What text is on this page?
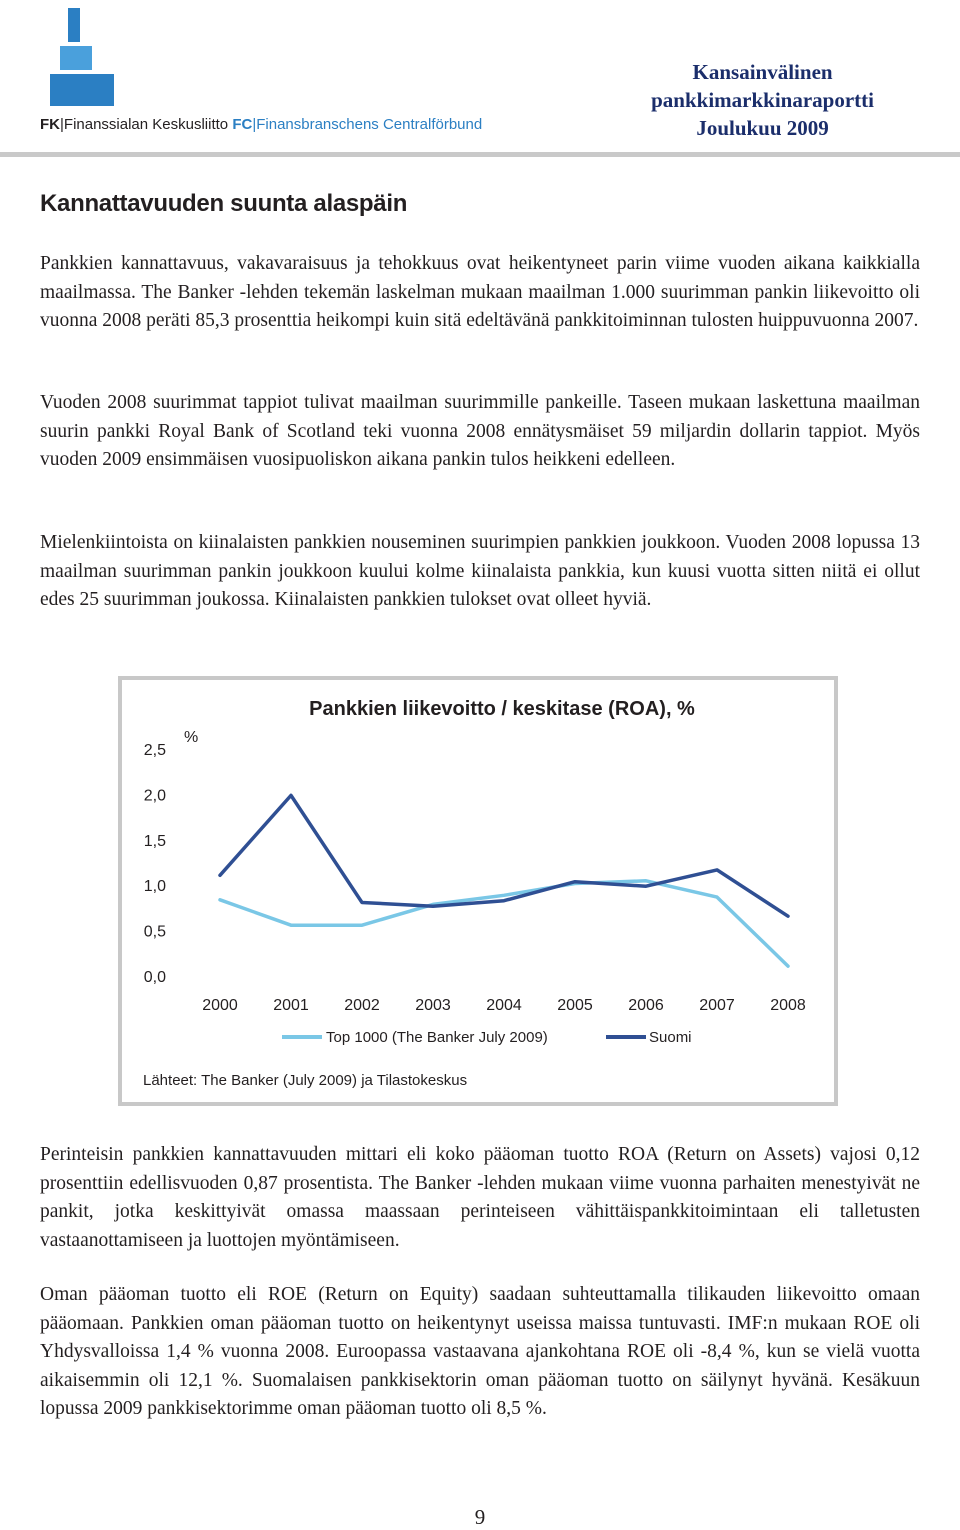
FK|Finanssialan Keskusliitto FC|Finansbranschens Centralförbund
Kansainvälinen
pankkimarkkinaraportti
Joulukuu 2009
Kannattavuuden suunta alaspäin

Pankkien kannattavuus, vakavaraisuus ja tehokkuus ovat heikentyneet parin viime vuoden aikana kaikkialla maailmassa. The Banker -lehden tekemän laskelman mukaan maailman 1.000 suurimman pankin liikevoitto oli vuonna 2008 peräti 85,3 prosenttia heikompi kuin sitä edeltävänä pankkitoiminnan tulosten huippuvuonna 2007.

Vuoden 2008 suurimmat tappiot tulivat maailman suurimmille pankeille. Taseen mukaan laskettuna maailman suurin pankki Royal Bank of Scotland teki vuonna 2008 ennätysmäiset 59 miljardin dollarin tappiot. Myös vuoden 2009 ensimmäisen vuosipuoliskon aikana pankin tulos heikkeni edelleen.

Mielenkiintoista on kiinalaisten pankkien nouseminen suurimpien pankkien joukkoon. Vuoden 2008 lopussa 13 maailman suurimman pankin joukkoon kuului kolme kiinalaista pankkia, kun kuusi vuotta sitten niitä ei ollut edes 25 suurimman joukossa. Kiinalaisten pankkien tulokset ovat olleet hyviä.

Pankkien liikevoitto / keskitase (ROA), %
%
0,0
0,5
1,0
1,5
2,0
2,5
2000 2001 2002 2003 2004 2005 2006 2007 2008
Top 1000 (The Banker July 2009)	Suomi
Lähteet: The Banker (July 2009) ja Tilastokeskus

Perinteisin pankkien kannattavuuden mittari eli koko pääoman tuotto ROA (Return on Assets) vajosi 0,12 prosenttiin edellisvuoden 0,87 prosentista. The Banker -lehden mukaan viime vuonna parhaiten menestyivät ne pankit, jotka keskittyivät omassa maassaan perinteiseen vähittäispankkitoimintaan eli talletusten vastaanottamiseen ja luottojen myöntämiseen.

Oman pääoman tuotto eli ROE (Return on Equity) saadaan suhteuttamalla tilikauden liikevoitto omaan pääomaan. Pankkien oman pääoman tuotto on heikentynyt useissa maissa tuntuvasti. IMF:n mukaan ROE oli Yhdysvalloissa 1,4 % vuonna 2008. Euroopassa vastaavana ajankohtana ROE oli -8,4 %, kun se vielä vuotta aikaisemmin oli 12,1 %. Suomalaisen pankkisektorin oman pääoman tuotto on säilynyt hyvänä. Kesäkuun lopussa 2009 pankkisektorimme oman pääoman tuotto oli 8,5 %.

9
